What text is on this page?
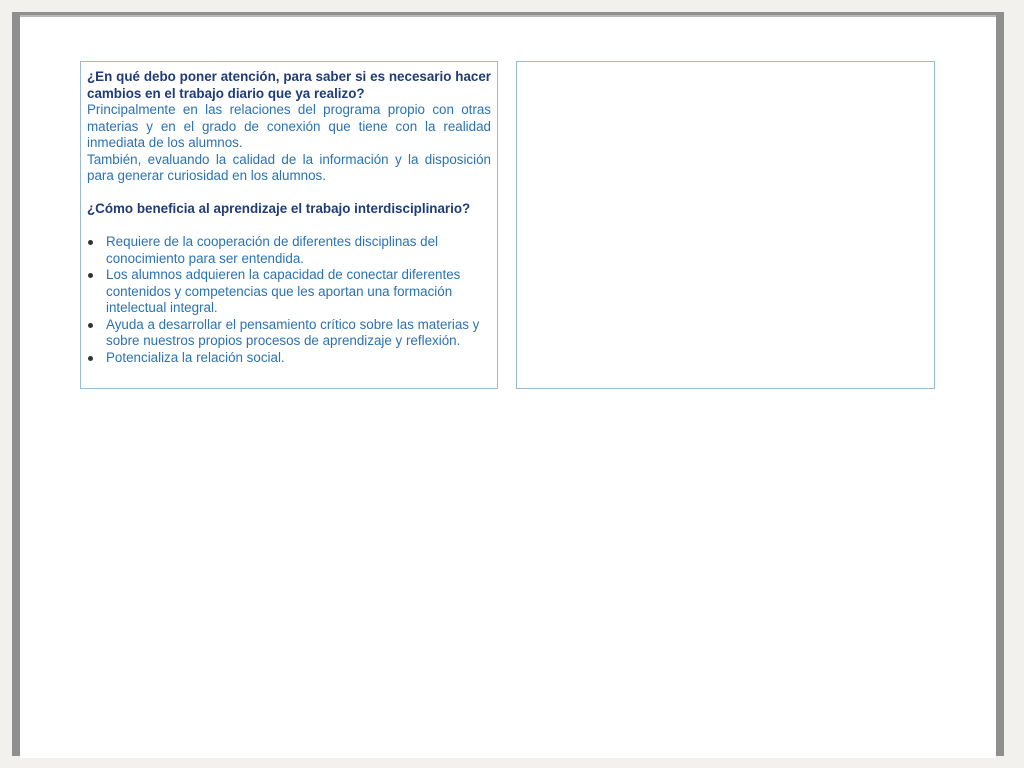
¿En qué debo poner atención, para saber si es necesario hacer cambios en el trabajo diario que ya realizo?

Principalmente en las relaciones del programa propio con otras materias y en el grado de conexión que tiene con la realidad inmediata de los alumnos.

También, evaluando la calidad de la información y la disposición para generar curiosidad en los alumnos.

¿Cómo beneficia al aprendizaje el trabajo interdisciplinario?

Requiere de la cooperación de diferentes disciplinas del conocimiento para ser entendida.
Los alumnos adquieren la capacidad de conectar diferentes contenidos y competencias que les aportan una formación intelectual integral.
Ayuda a desarrollar el pensamiento crítico sobre las materias y sobre nuestros propios procesos de aprendizaje y reflexión.
Potencializa la relación social.
